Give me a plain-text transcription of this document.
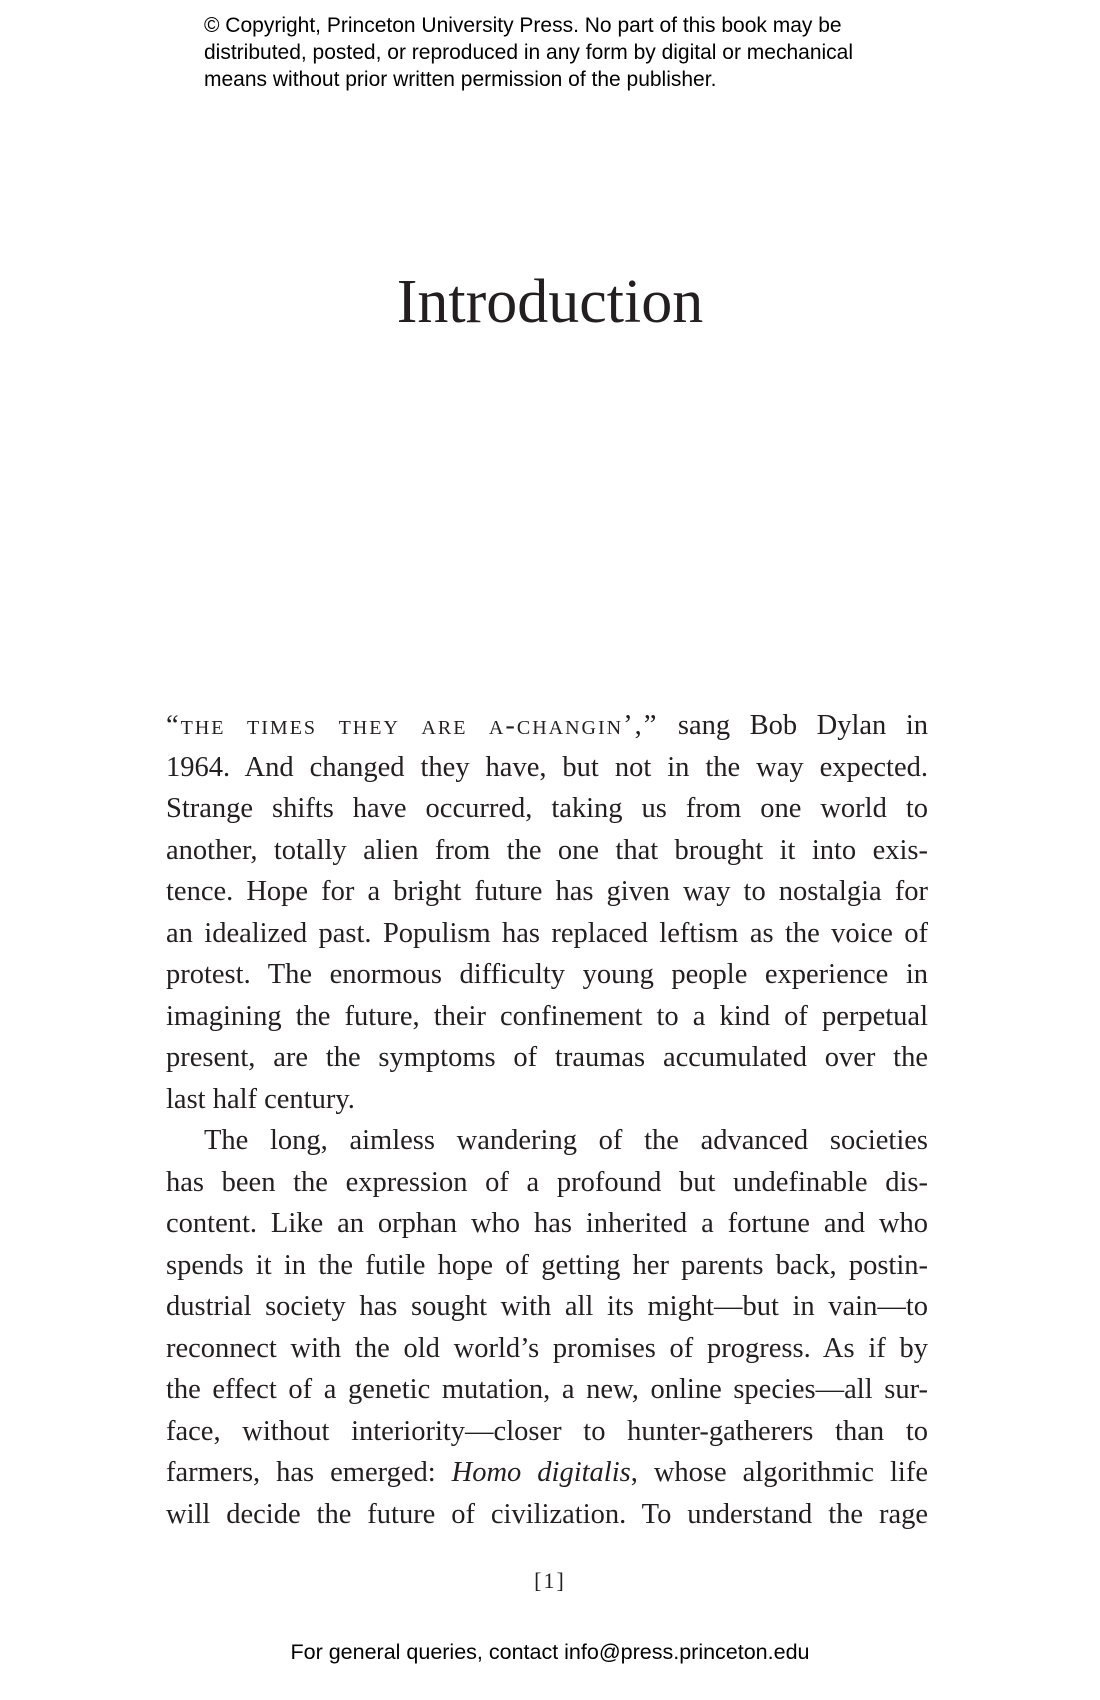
© Copyright, Princeton University Press. No part of this book may be
distributed, posted, or reproduced in any form by digital or mechanical
means without prior written permission of the publisher.
Introduction
“the times they are a-changin’,” sang Bob Dylan in
1964. And changed they have, but not in the way expected.
Strange shifts have occurred, taking us from one world to
another, totally alien from the one that brought it into exis-
tence. Hope for a bright future has given way to nostalgia for
an idealized past. Populism has replaced leftism as the voice of
protest. The enormous difficulty young people experience in
imagining the future, their confinement to a kind of perpetual
present, are the symptoms of traumas accumulated over the
last half century.
The long, aimless wandering of the advanced societies
has been the expression of a profound but undefinable dis-
content. Like an orphan who has inherited a fortune and who
spends it in the futile hope of getting her parents back, postin-
dustrial society has sought with all its might—but in vain—to
reconnect with the old world’s promises of progress. As if by
the effect of a genetic mutation, a new, online species—all sur-
face, without interiority—closer to hunter-gatherers than to
farmers, has emerged: Homo digitalis, whose algorithmic life
will decide the future of civilization. To understand the rage
[1]
For general queries, contact info@press.princeton.edu
